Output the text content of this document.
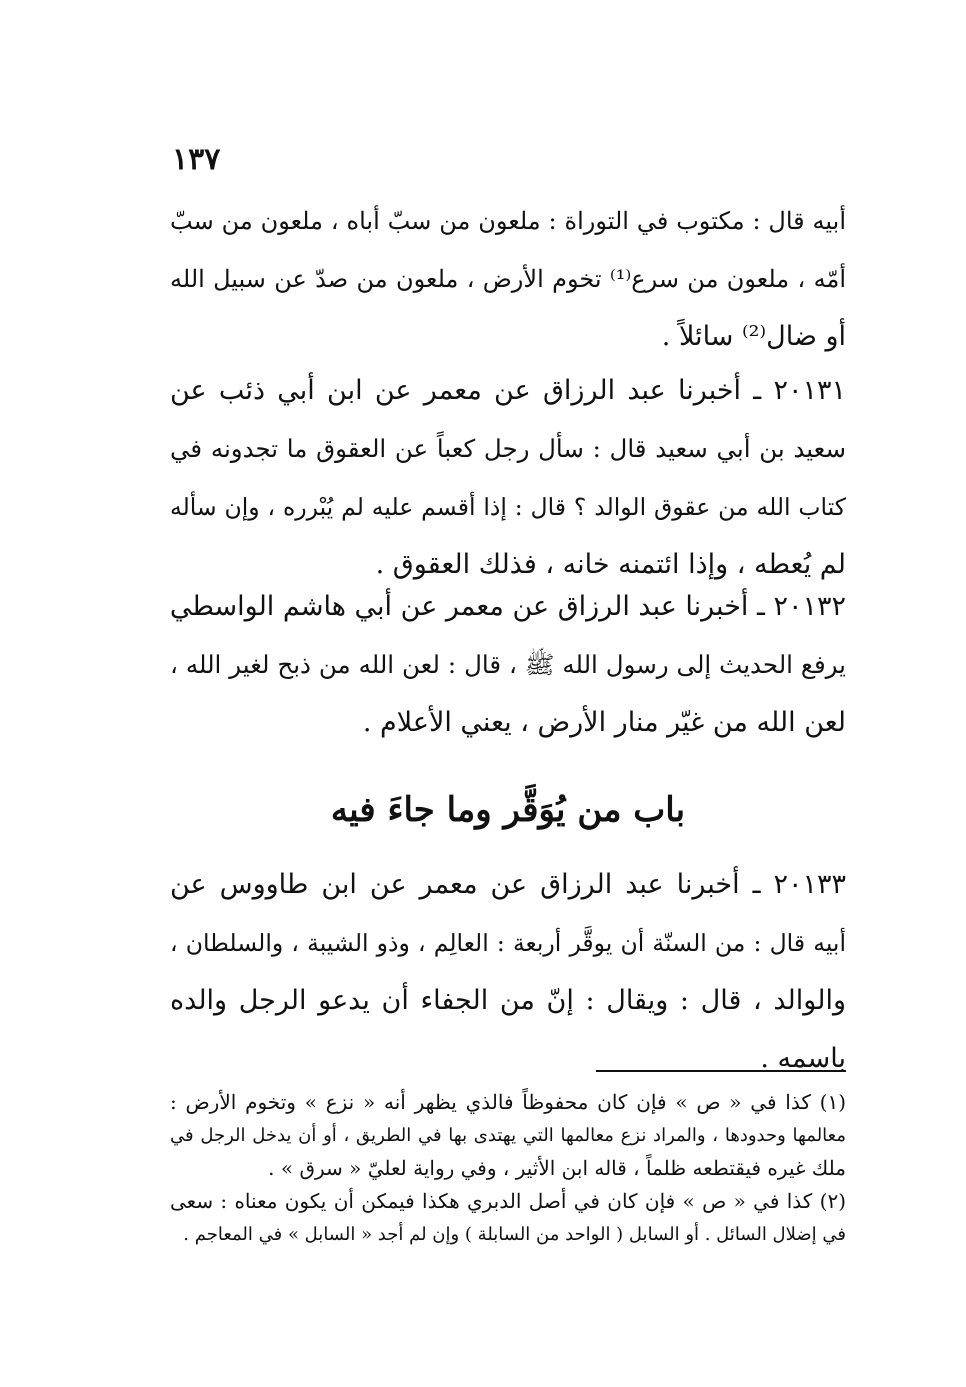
١٣٧
أبيه قال : مكتوب في التوراة : ملعون من سبّ أباه ، ملعون من سبّ
أمّه ، ملعون من سرع⁽¹⁾ تخوم الأرض ، ملعون من صدّ عن سبيل الله
أو ضال⁽²⁾ سائلاً .
٢٠١٣١ ـ أخبرنا عبد الرزاق عن معمر عن ابن أبي ذئب عن
سعيد بن أبي سعيد قال : سأل رجل كعباً عن العقوق ما تجدونه في
كتاب الله من عقوق الوالد ؟ قال : إذا أقسم عليه لم يُبْرره ، وإن سأله
لم يُعطه ، وإذا ائتمنه خانه ، فذلك العقوق .
٢٠١٣٢ ـ أخبرنا عبد الرزاق عن معمر عن أبي هاشم الواسطي
يرفع الحديث إلى رسول الله ﷺ ، قال : لعن الله من ذبح لغير الله ،
لعن الله من غيّر منار الأرض ، يعني الأعلام .
باب من يُوَقَّر وما جاءَ فيه
٢٠١٣٣ ـ أخبرنا عبد الرزاق عن معمر عن ابن طاووس عن
أبيه قال : من السنّة أن يوقَّر أربعة : العالِم ، وذو الشيبة ، والسلطان ،
والوالد ، قال : ويقال : إنّ من الجفاء أن يدعو الرجل والده
باسمه .
(١) كذا في « ص » فإن كان محفوظاً فالذي يظهر أنه « نزع » وتخوم الأرض :
معالمها وحدودها ، والمراد نزع معالمها التي يهتدى بها في الطريق ، أو أن يدخل الرجل في
ملك غيره فيقتطعه ظلماً ، قاله ابن الأثير ، وفي رواية لعليّ « سرق » .
(٢) كذا في « ص » فإن كان في أصل الدبري هكذا فيمكن أن يكون معناه : سعى
في إضلال السائل . أو السابل ( الواحد من السابلة ) وإن لم أجد « السابل » في المعاجم .
